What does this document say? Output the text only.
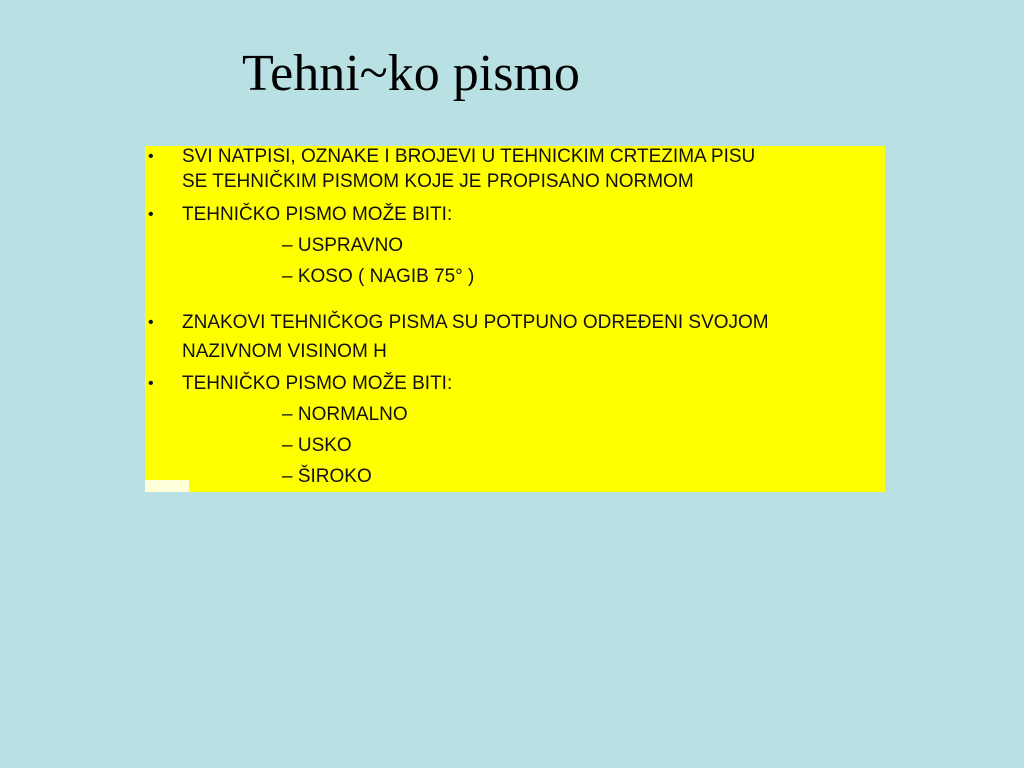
Tehni~ko pismo
• SVI NATPISI, OZNAKE I BROJEVI U TEHNICKIM CRTEZIMA PISU
SE TEHNIČKIM PISMOM KOJE JE PROPISANO NORMOM
• TEHNIČKO PISMO MOŽE BITI:
– USPRAVNO
– KOSO ( NAGIB 75° )
• ZNAKOVI TEHNIČKOG PISMA SU POTPUNO ODREĐENI SVOJOM
NAZIVNOM VISINOM H
• TEHNIČKO PISMO MOŽE BITI:
– NORMALNO
– USKO
– ŠIROKO
